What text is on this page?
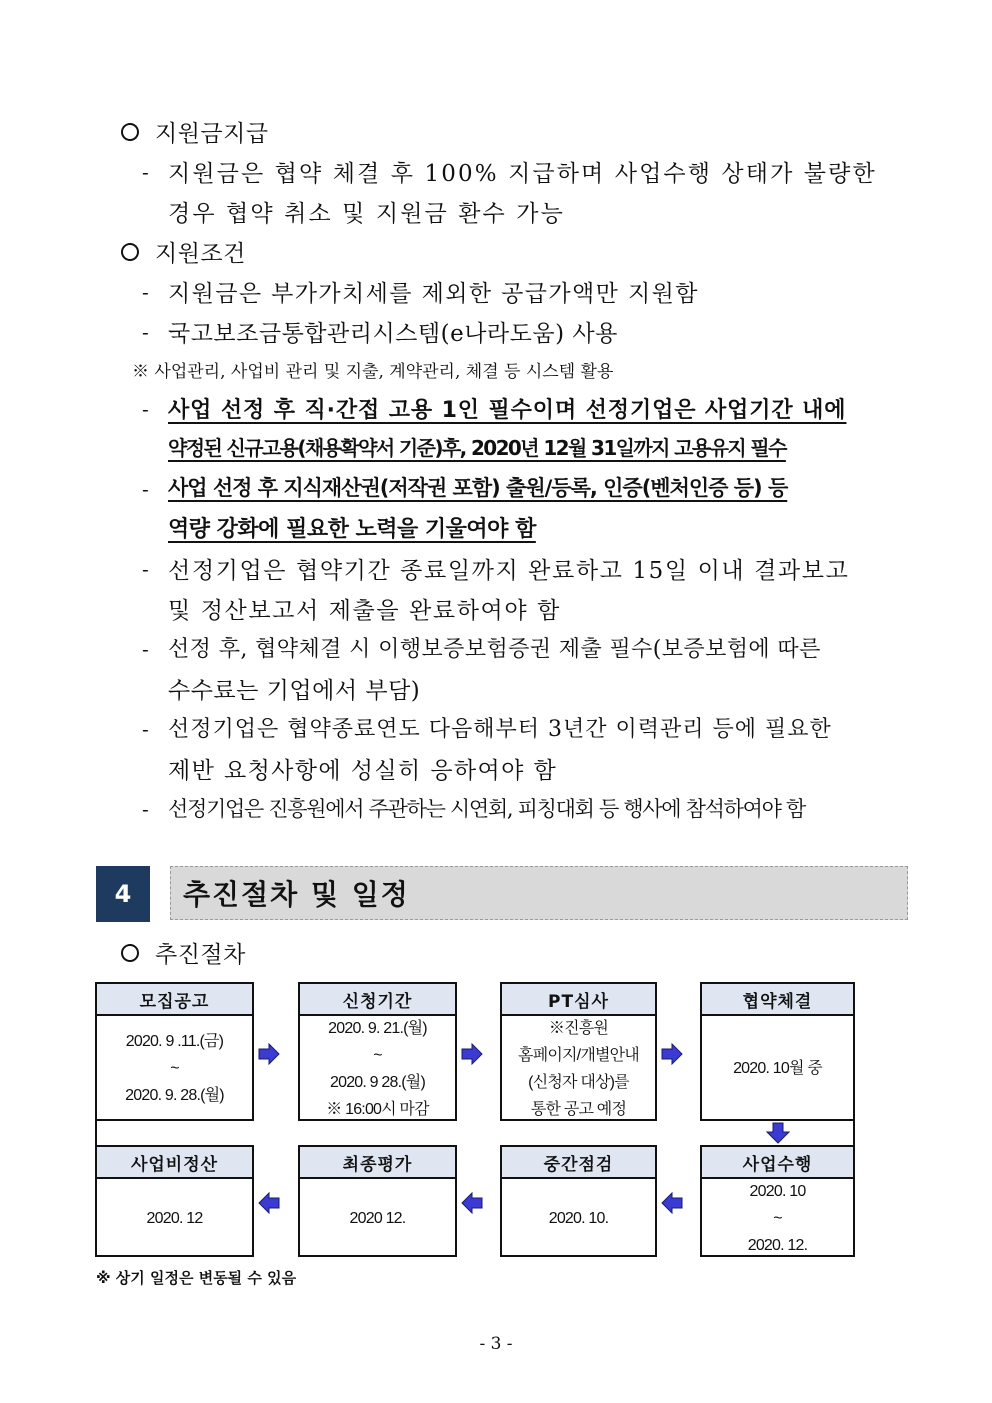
지원금지급
- 지원금은 협약 체결 후 100% 지급하며 사업수행 상태가 불량한
경우 협약 취소 및 지원금 환수 가능
지원조건
- 지원금은 부가가치세를 제외한 공급가액만 지원함
- 국고보조금통합관리시스템(e나라도움) 사용
※ 사업관리, 사업비 관리 및 지출, 계약관리, 체결 등 시스템 활용
- 사업 선정 후 직·간접 고용 1인 필수이며 선정기업은 사업기간 내에
약정된 신규고용(채용확약서 기준)후, 2020년 12월 31일까지 고용유지 필수
- 사업 선정 후 지식재산권(저작권 포함) 출원/등록, 인증(벤처인증 등) 등
역량 강화에 필요한 노력을 기울여야 함
- 선정기업은 협약기간 종료일까지 완료하고 15일 이내 결과보고
및 정산보고서 제출을 완료하여야 함
- 선정 후, 협약체결 시 이행보증보험증권 제출 필수(보증보험에 따른
수수료는 기업에서 부담)
- 선정기업은 협약종료연도 다음해부터 3년간 이력관리 등에 필요한
제반 요청사항에 성실히 응하여야 함
- 선정기업은 진흥원에서 주관하는 시연회, 피칭대회 등 행사에 참석하여야 함
4	추진절차 및 일정
추진절차
모집공고
2020. 9 .11.(금)
~
2020. 9. 28.(월)
신청기간
2020. 9. 21.(월)
~
2020. 9 28.(월)
※ 16:00시 마감
PT심사
※진흥원
홈페이지/개별안내
(신청자 대상)를
통한 공고 예정
협약체결
2020. 10월 중
사업비정산
2020. 12
최종평가
2020 12.
중간점검
2020. 10.
사업수행
2020. 10
~
2020. 12.
※ 상기 일정은 변동될 수 있음
- 3 -
